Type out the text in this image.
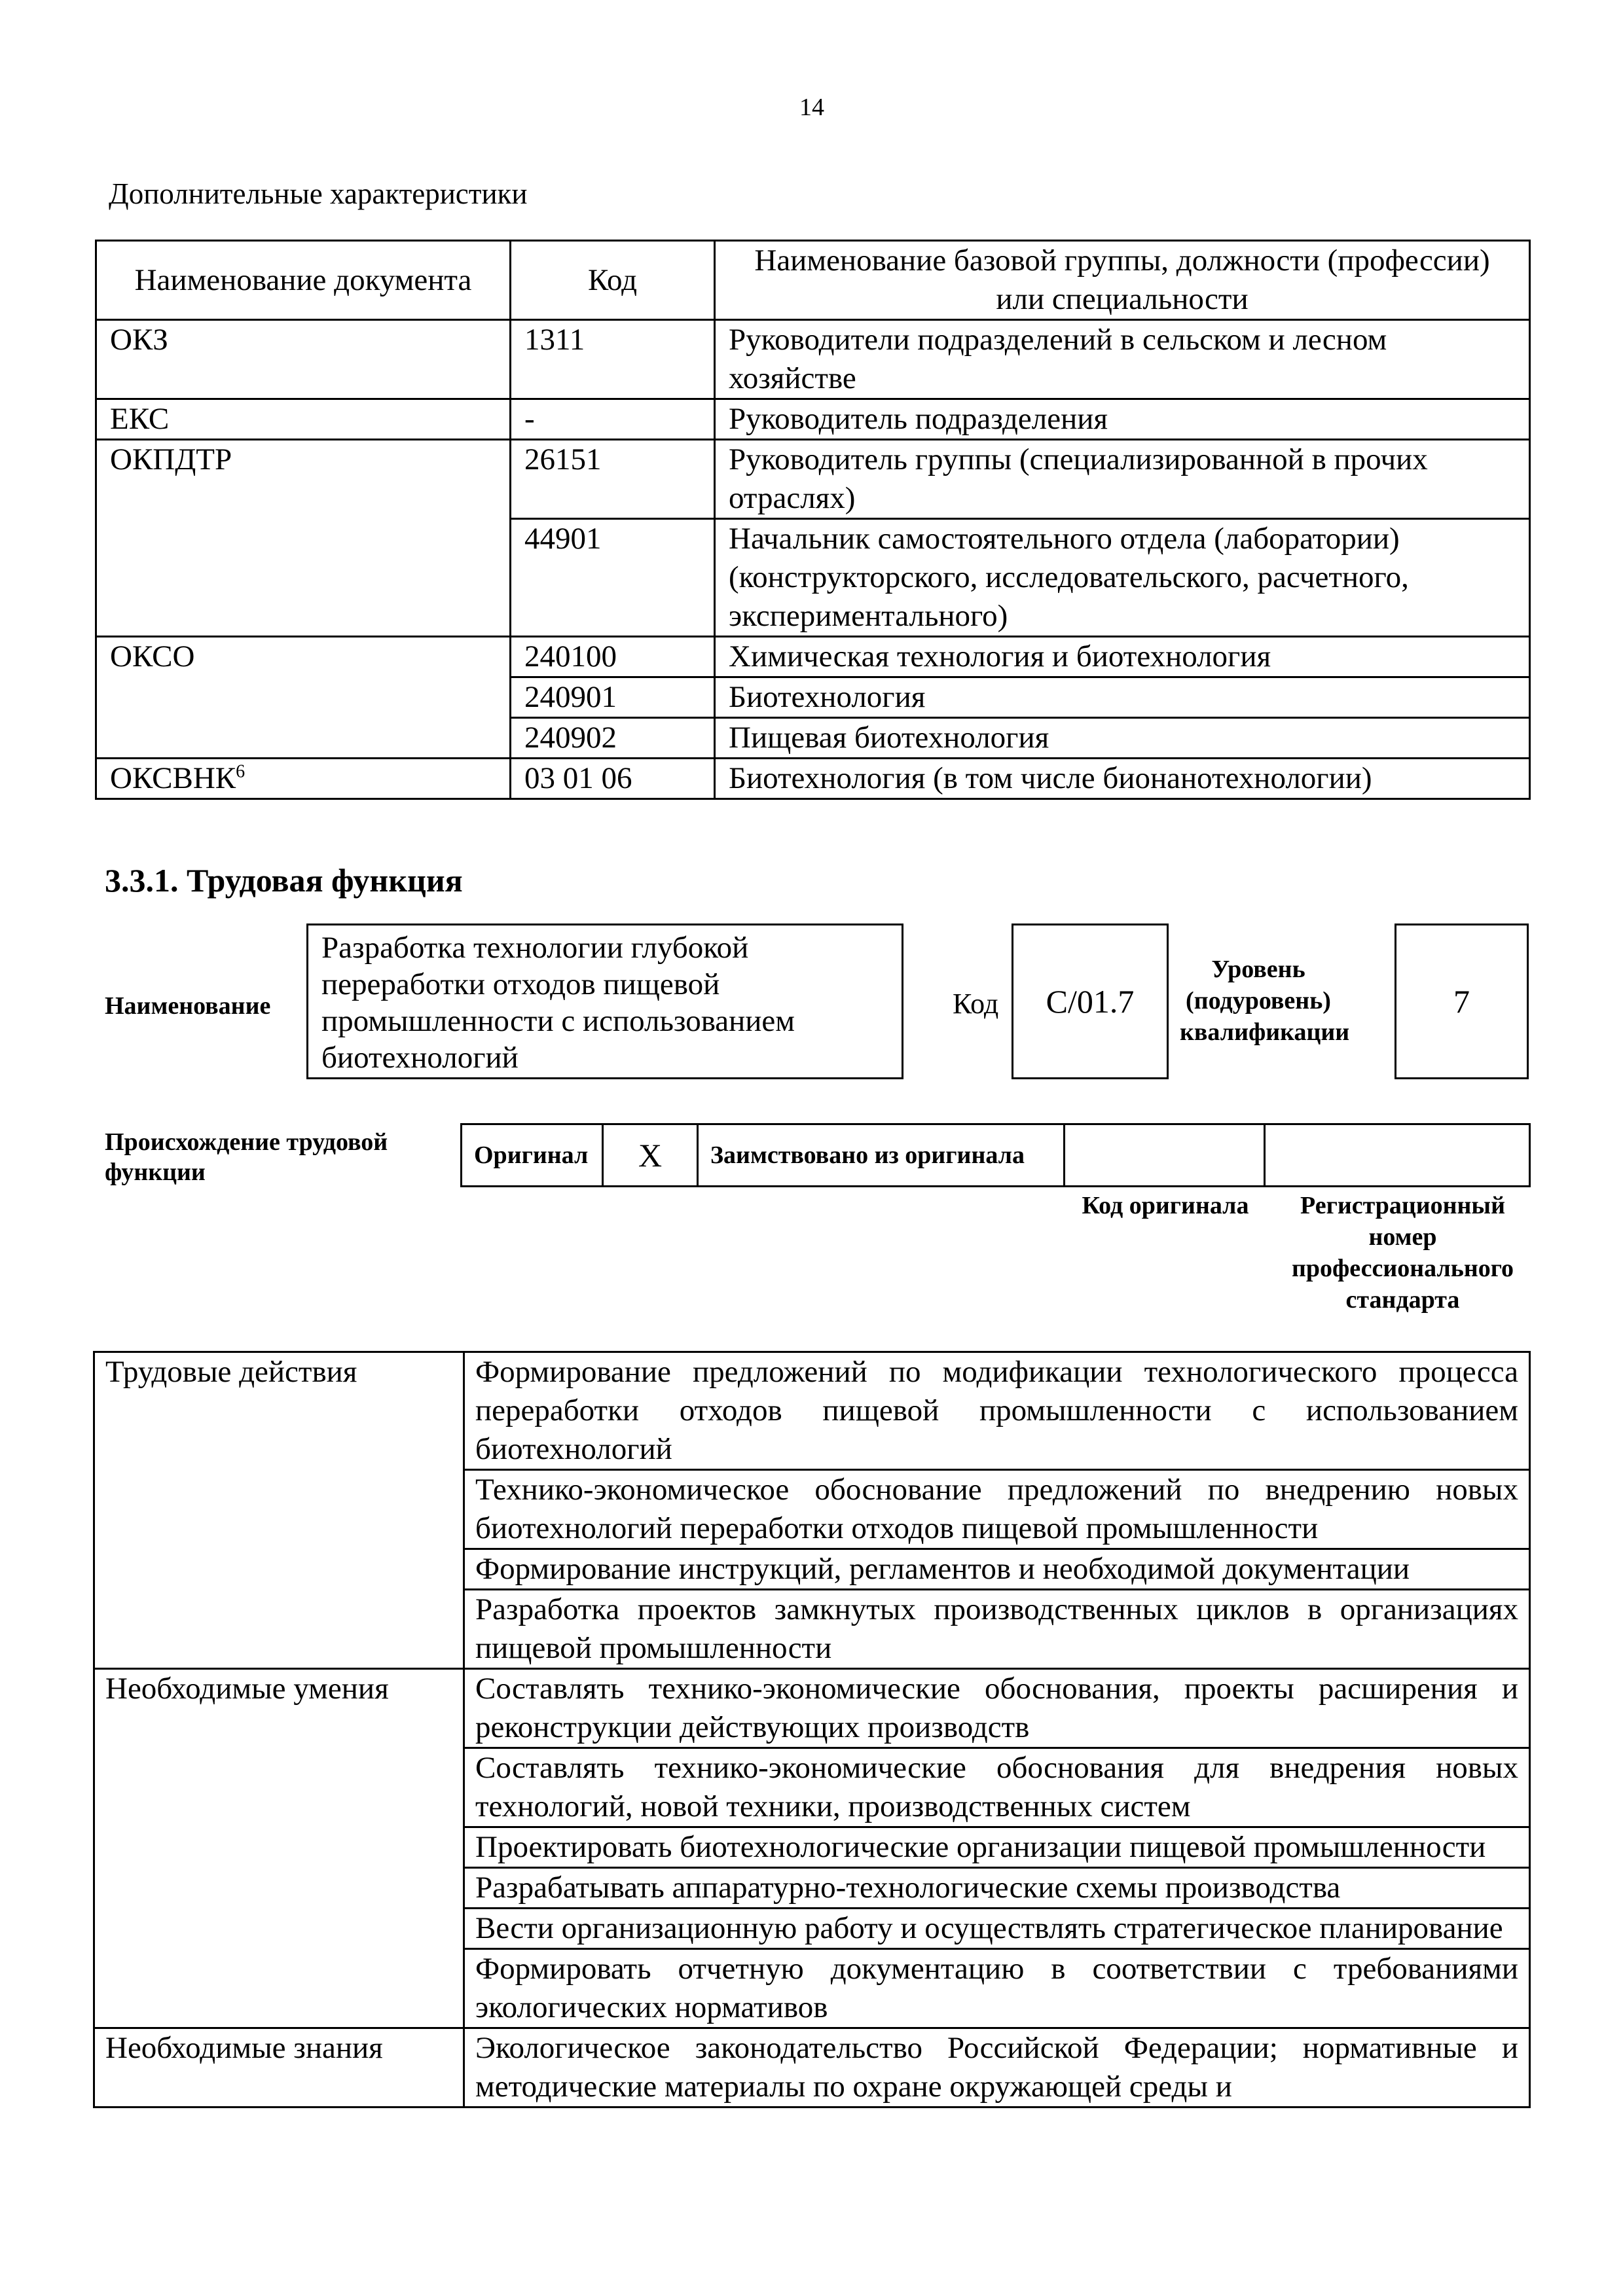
14
Дополнительные характеристики
Наименование документа	Код	Наименование базовой группы, должности (профессии) или специальности
ОКЗ	1311	Руководители подразделений в сельском и лесном хозяйстве
ЕКС	-	Руководитель подразделения
ОКПДТР	26151	Руководитель группы (специализированной в прочих отраслях)
	44901	Начальник самостоятельного отдела (лаборатории) (конструкторского, исследовательского, расчетного, экспериментального)
ОКСО	240100	Химическая технология и биотехнология
	240901	Биотехнология
	240902	Пищевая биотехнология
ОКСВНК$^6$	03 01 06	Биотехнология (в том числе бионанотехнологии)
3.3.1. Трудовая функция
Наименование
Разработка технологии глубокой переработки отходов пищевой промышленности с использованием биотехнологий
Код	C/01.7
Уровень (подуровень) квалификации
7
Происхождение трудовой функции
Оригинал	X	Заимствовано из оригинала		
Код оригинала	Регистрационный номер профессионального стандарта
Трудовые действия	Формирование предложений по модификации технологического процесса переработки отходов пищевой промышленности с использованием биотехнологий
	Технико-экономическое обоснование предложений по внедрению новых биотехнологий переработки отходов пищевой промышленности
	Формирование инструкций, регламентов и необходимой документации
	Разработка проектов замкнутых производственных циклов в организациях пищевой промышленности
Необходимые умения	Составлять технико-экономические обоснования, проекты расширения и реконструкции действующих производств
	Составлять технико-экономические обоснования для внедрения новых технологий, новой техники, производственных систем
	Проектировать биотехнологические организации пищевой промышленности
	Разрабатывать аппаратурно-технологические схемы производства
	Вести организационную работу и осуществлять стратегическое планирование
	Формировать отчетную документацию в соответствии с требованиями экологических нормативов
Необходимые знания	Экологическое законодательство Российской Федерации; нормативные и методические материалы по охране окружающей среды и
